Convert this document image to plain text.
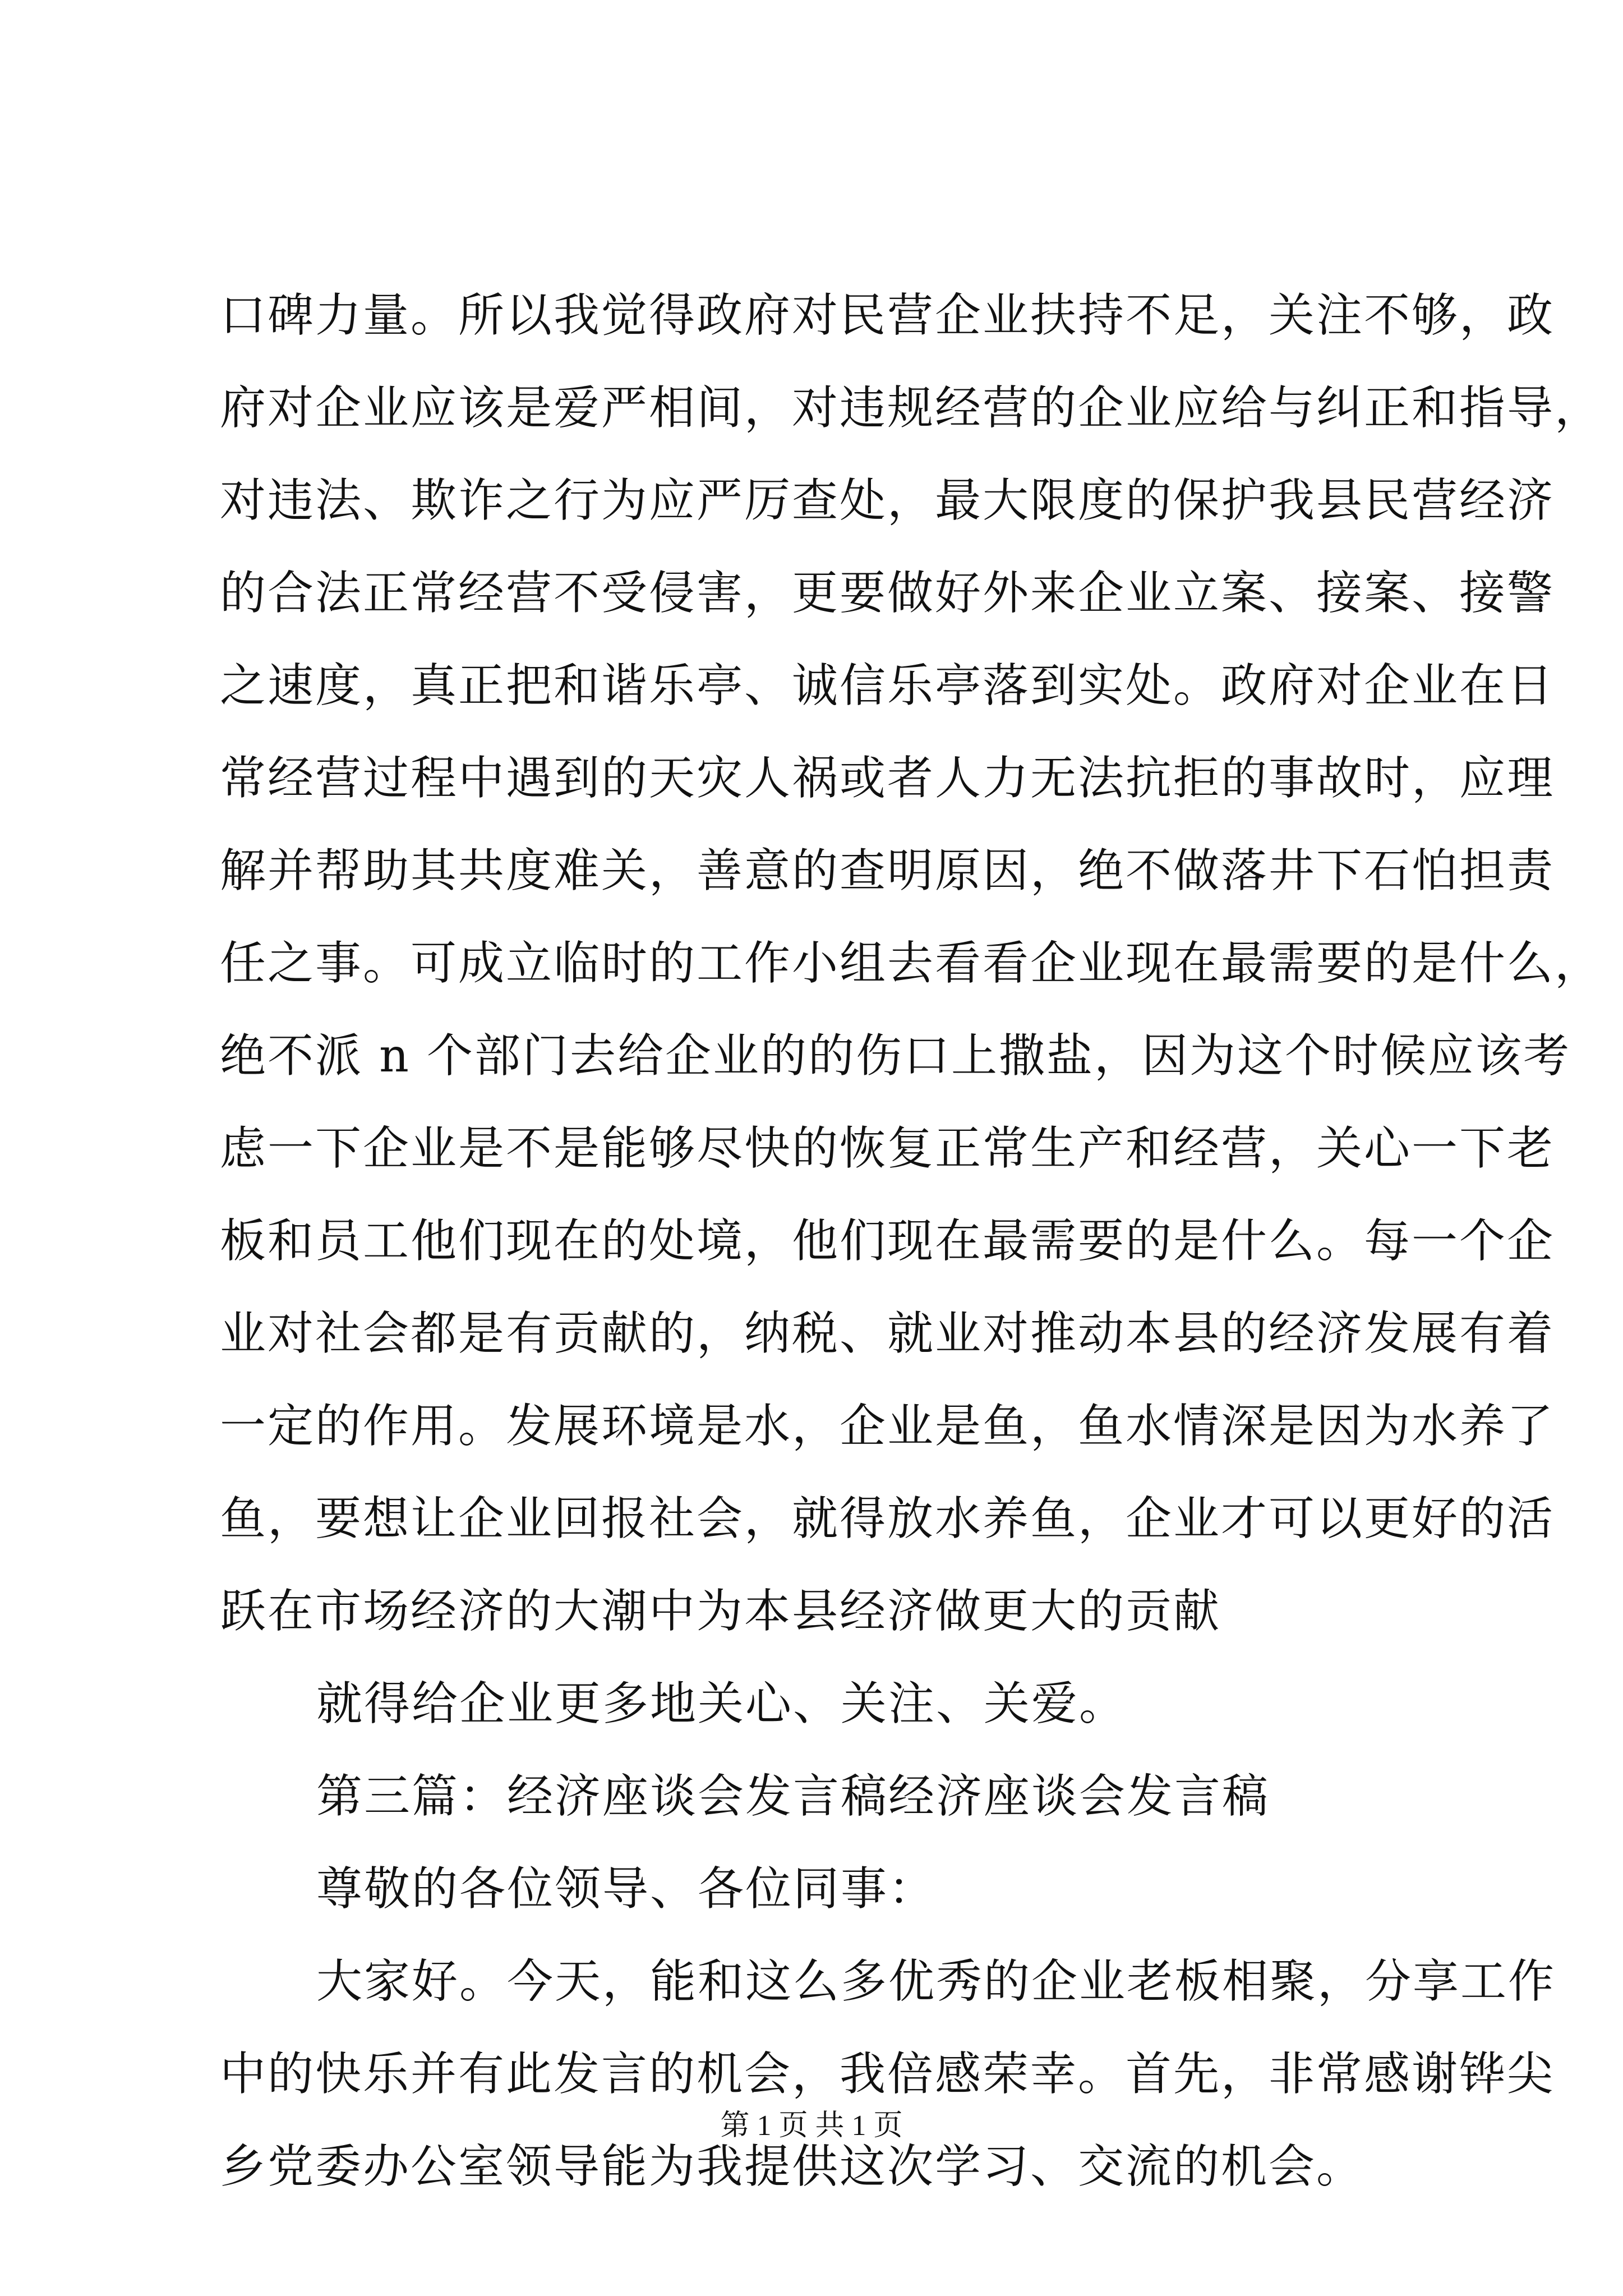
口碑力量。所以我觉得政府对民营企业扶持不足，关注不够，政
府对企业应该是爱严相间，对违规经营的企业应给与纠正和指导，
对违法、欺诈之行为应严厉查处，最大限度的保护我县民营经济
的合法正常经营不受侵害，更要做好外来企业立案、接案、接警
之速度，真正把和谐乐亭、诚信乐亭落到实处。政府对企业在日
常经营过程中遇到的天灾人祸或者人力无法抗拒的事故时，应理
解并帮助其共度难关，善意的查明原因，绝不做落井下石怕担责
任之事。可成立临时的工作小组去看看企业现在最需要的是什么，
绝不派 n 个部门去给企业的的伤口上撒盐，因为这个时候应该考
虑一下企业是不是能够尽快的恢复正常生产和经营，关心一下老
板和员工他们现在的处境，他们现在最需要的是什么。每一个企
业对社会都是有贡献的，纳税、就业对推动本县的经济发展有着
一定的作用。发展环境是水，企业是鱼，鱼水情深是因为水养了
鱼，要想让企业回报社会，就得放水养鱼，企业才可以更好的活
跃在市场经济的大潮中为本县经济做更大的贡献
就得给企业更多地关心、关注、关爱。
第三篇：经济座谈会发言稿经济座谈会发言稿
尊敬的各位领导、各位同事：
大家好。今天，能和这么多优秀的企业老板相聚，分享工作
中的快乐并有此发言的机会，我倍感荣幸。首先，非常感谢铧尖
乡党委办公室领导能为我提供这次学习、交流的机会。
第 1 页 共 1 页
